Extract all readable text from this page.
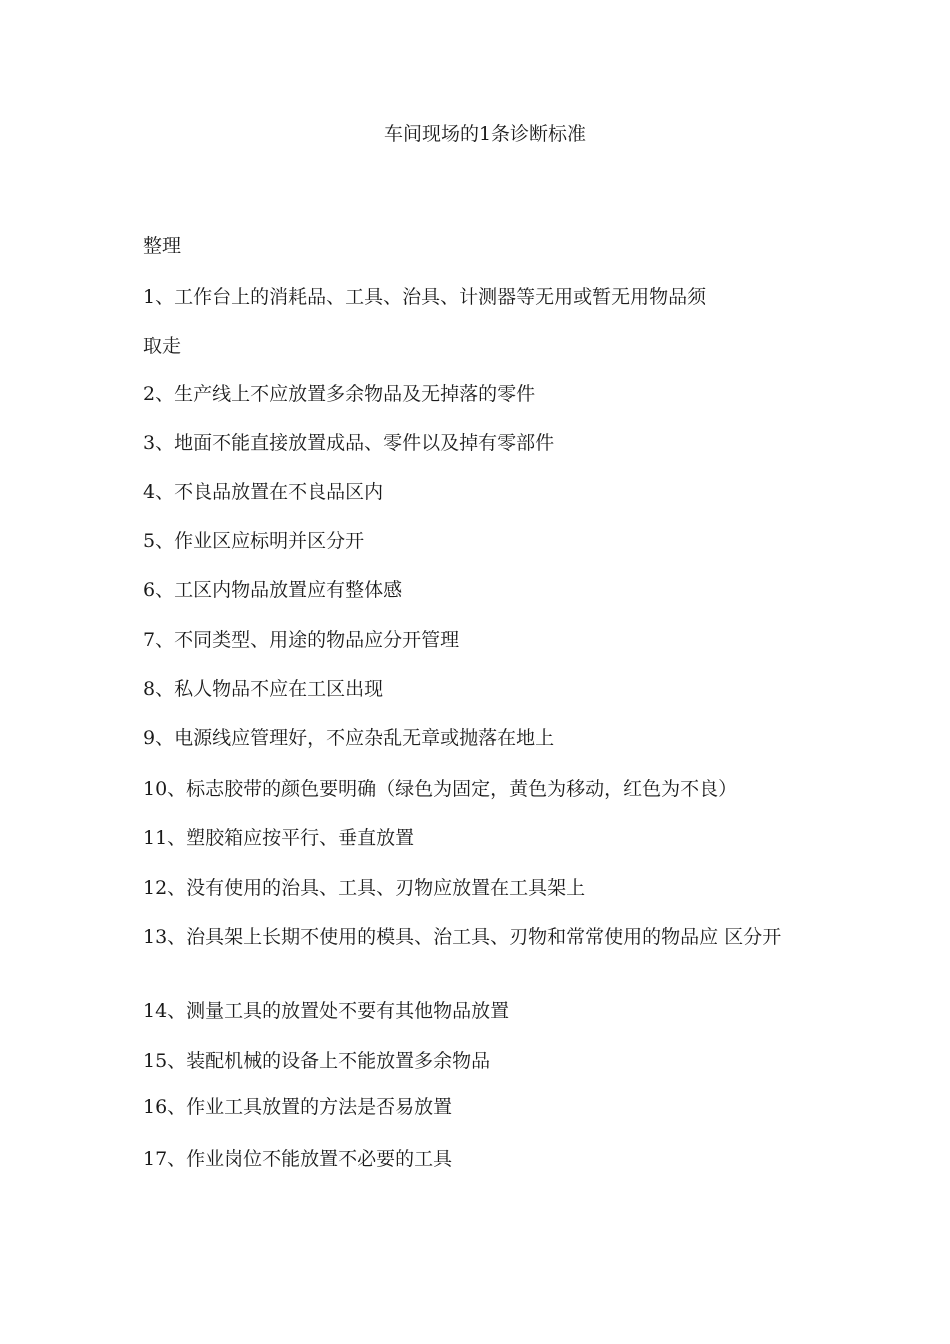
车间现场的1条诊断标准
整理
1、工作台上的消耗品、工具、治具、计测器等无用或暂无用物品须
取走
2、生产线上不应放置多余物品及无掉落的零件
3、地面不能直接放置成品、零件以及掉有零部件
4、不良品放置在不良品区内
5、作业区应标明并区分开
6、工区内物品放置应有整体感
7、不同类型、用途的物品应分开管理
8、私人物品不应在工区出现
9、电源线应管理好，不应杂乱无章或抛落在地上
10、标志胶带的颜色要明确（绿色为固定，黄色为移动，红色为不良）
11、塑胶箱应按平行、垂直放置
12、没有使用的治具、工具、刃物应放置在工具架上
13、治具架上长期不使用的模具、治工具、刃物和常常使用的物品应 区分开
14、测量工具的放置处不要有其他物品放置
15、装配机械的设备上不能放置多余物品
16、作业工具放置的方法是否易放置
17、作业岗位不能放置不必要的工具
